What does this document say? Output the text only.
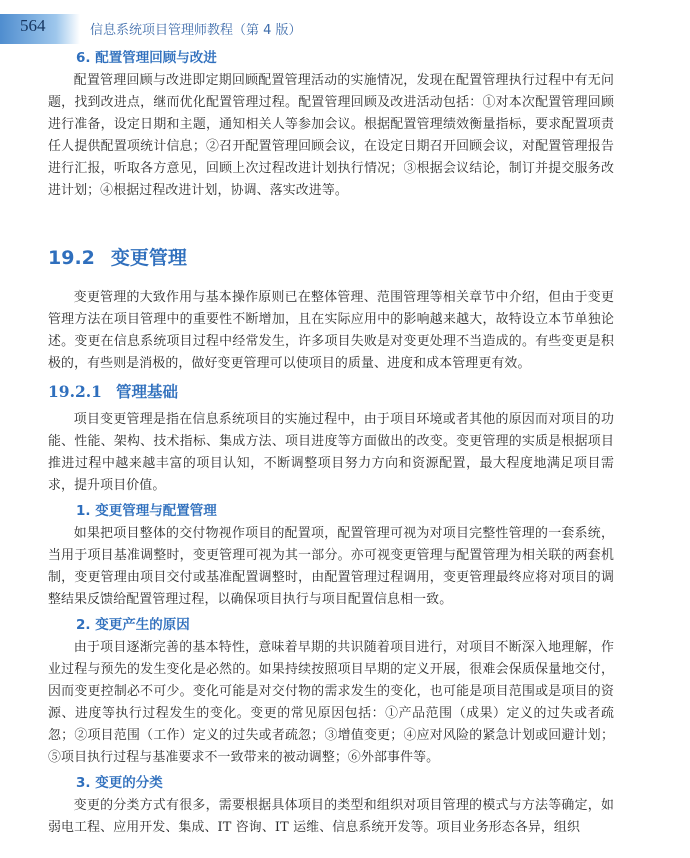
564	信息系统项目管理师教程（第 4 版）
6. 配置管理回顾与改进

配置管理回顾与改进即定期回顾配置管理活动的实施情况，发现在配置管理执行过程中有无问题，找到改进点，继而优化配置管理过程。配置管理回顾及改进活动包括：①对本次配置管理回顾进行准备，设定日期和主题，通知相关人等参加会议。根据配置管理绩效衡量指标，要求配置项责任人提供配置项统计信息；②召开配置管理回顾会议，在设定日期召开回顾会议，对配置管理报告进行汇报，听取各方意见，回顾上次过程改进计划执行情况；③根据会议结论，制订并提交服务改进计划；④根据过程改进计划，协调、落实改进等。

19.2 变更管理

变更管理的大致作用与基本操作原则已在整体管理、范围管理等相关章节中介绍，但由于变更管理方法在项目管理中的重要性不断增加，且在实际应用中的影响越来越大，故特设立本节单独论述。变更在信息系统项目过程中经常发生，许多项目失败是对变更处理不当造成的。有些变更是积极的，有些则是消极的，做好变更管理可以使项目的质量、进度和成本管理更有效。

19.2.1 管理基础

项目变更管理是指在信息系统项目的实施过程中，由于项目环境或者其他的原因而对项目的功能、性能、架构、技术指标、集成方法、项目进度等方面做出的改变。变更管理的实质是根据项目推进过程中越来越丰富的项目认知，不断调整项目努力方向和资源配置，最大程度地满足项目需求，提升项目价值。

1. 变更管理与配置管理

如果把项目整体的交付物视作项目的配置项，配置管理可视为对项目完整性管理的一套系统，当用于项目基准调整时，变更管理可视为其一部分。亦可视变更管理与配置管理为相关联的两套机制，变更管理由项目交付或基准配置调整时，由配置管理过程调用，变更管理最终应将对项目的调整结果反馈给配置管理过程，以确保项目执行与项目配置信息相一致。

2. 变更产生的原因

由于项目逐渐完善的基本特性，意味着早期的共识随着项目进行，对项目不断深入地理解，作业过程与预先的发生变化是必然的。如果持续按照项目早期的定义开展，很难会保质保量地交付，因而变更控制必不可少。变化可能是对交付物的需求发生的变化，也可能是项目范围或是项目的资源、进度等执行过程发生的变化。变更的常见原因包括：①产品范围（成果）定义的过失或者疏忽；②项目范围（工作）定义的过失或者疏忽；③增值变更；④应对风险的紧急计划或回避计划；⑤项目执行过程与基准要求不一致带来的被动调整；⑥外部事件等。

3. 变更的分类

变更的分类方式有很多，需要根据具体项目的类型和组织对项目管理的模式与方法等确定，如弱电工程、应用开发、集成、IT 咨询、IT 运维、信息系统开发等。项目业务形态各异，组织
